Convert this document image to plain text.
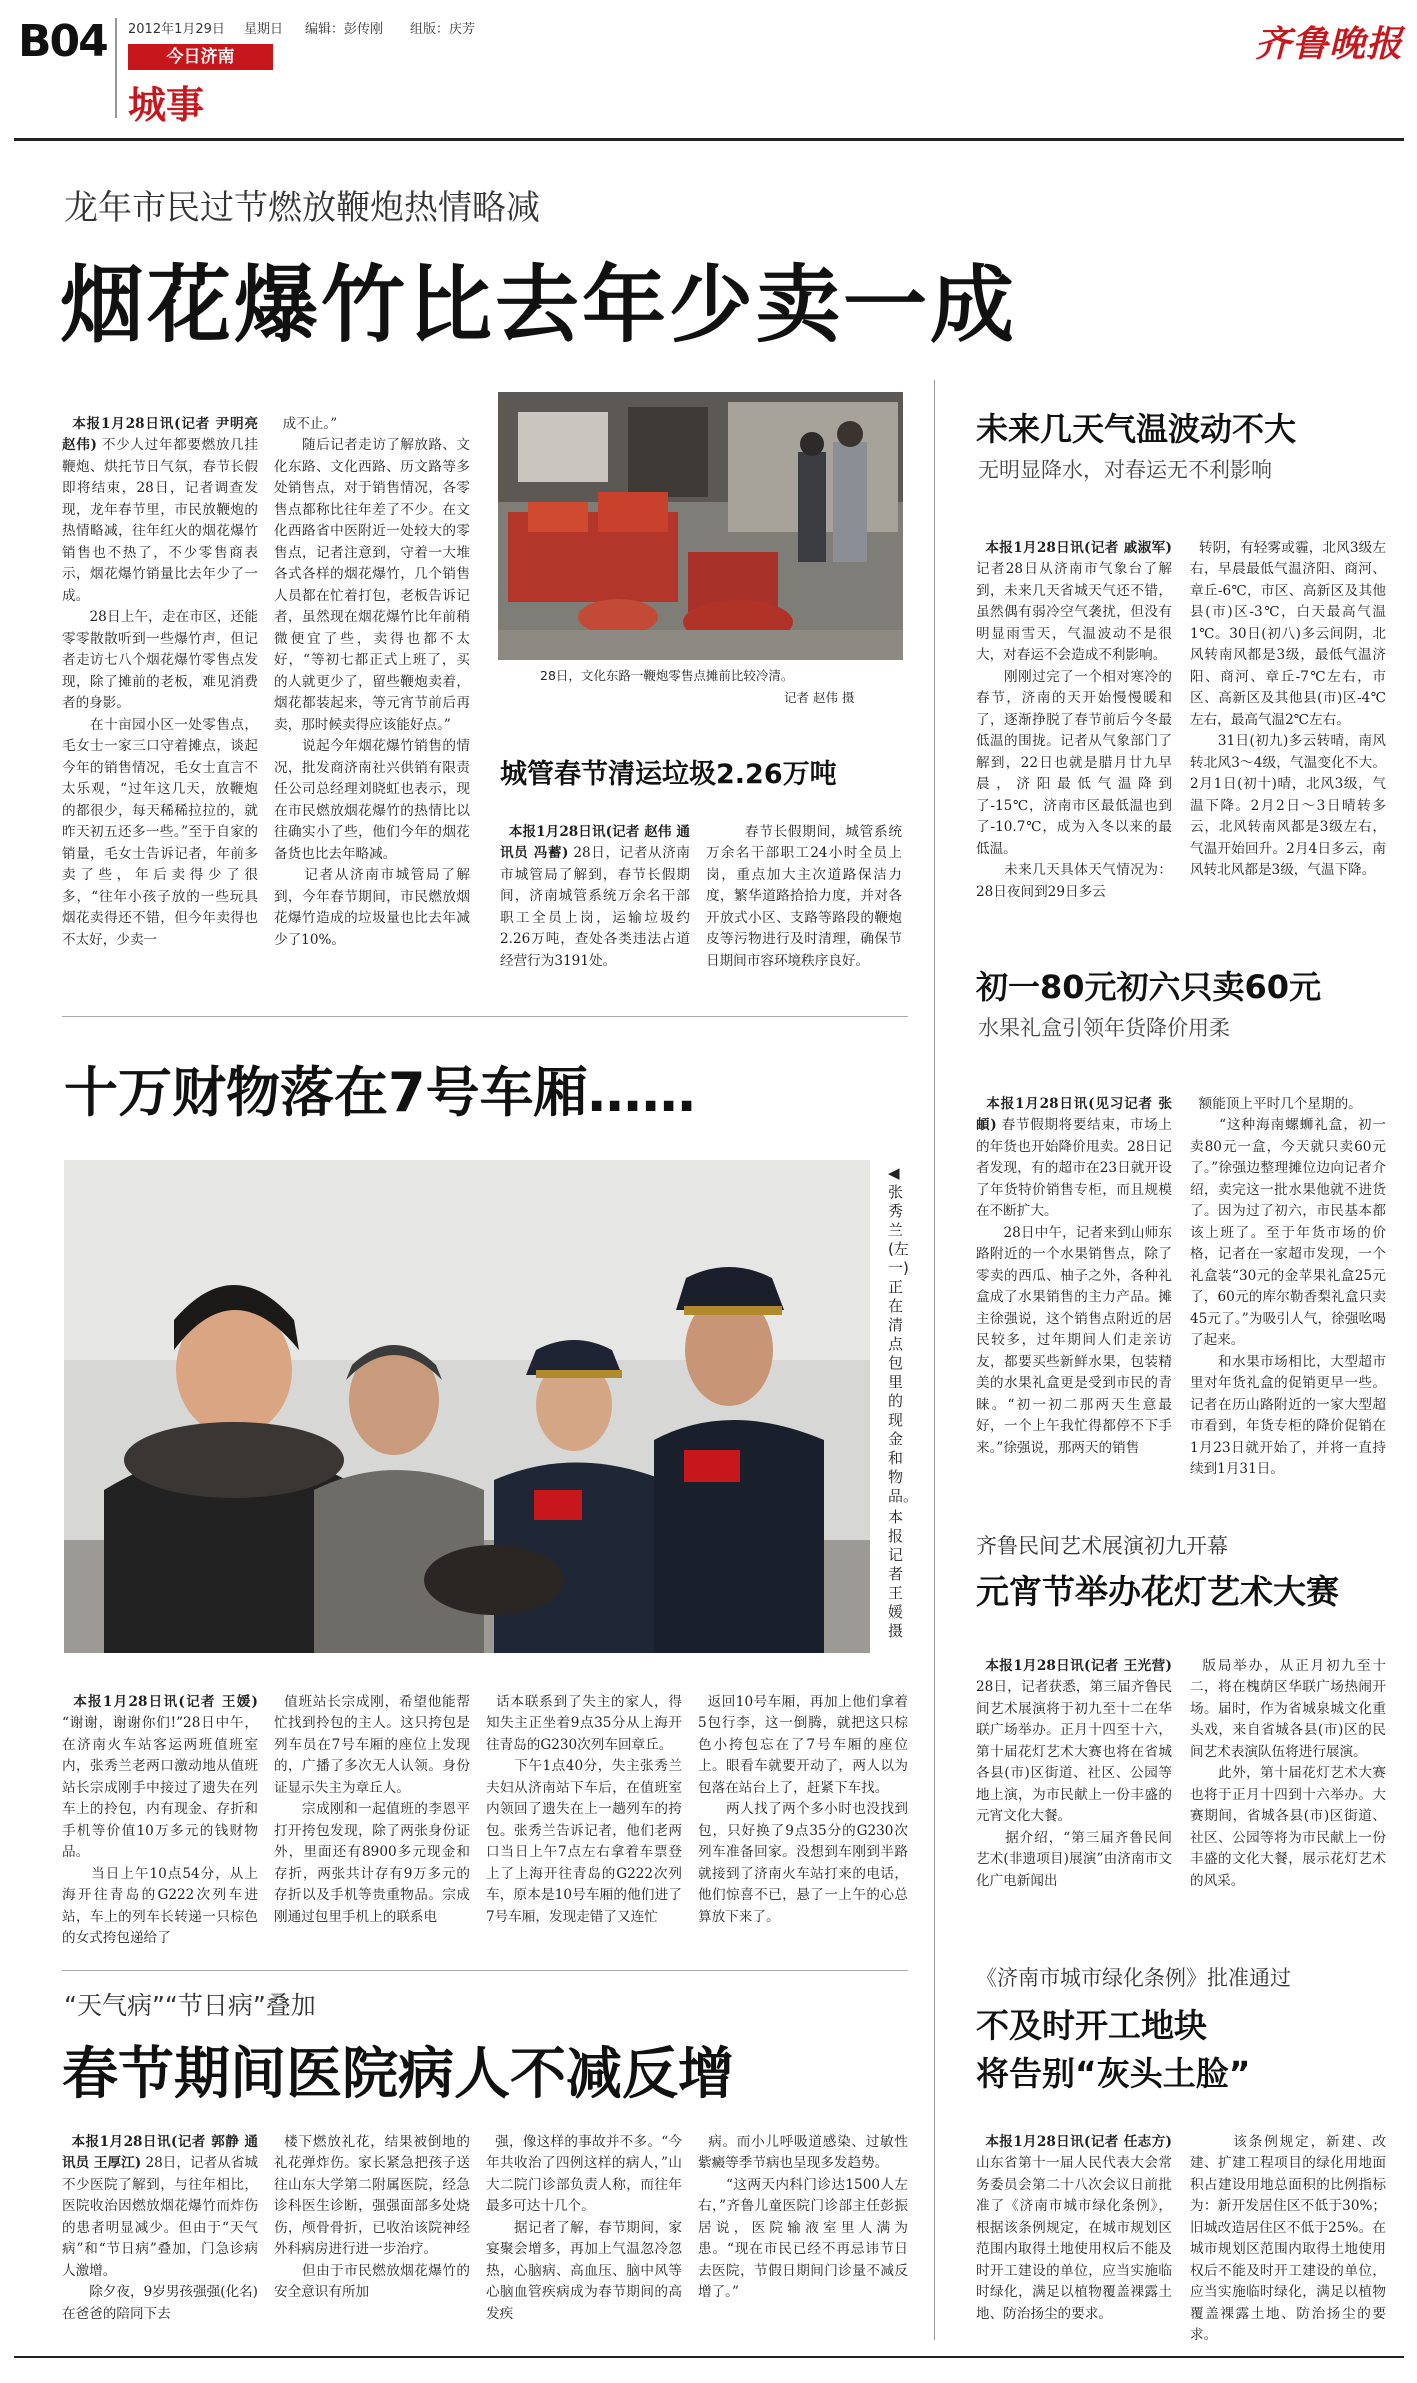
B04 2012年1月29日 星期日 编辑：彭传刚 组版：庆芳
今日济南
城事
齐鲁晚报
龙年市民过节燃放鞭炮热情略减
烟花爆竹比去年少卖一成

本报1月28日讯(记者 尹明亮 赵伟) 不少人过年都要燃放几挂鞭炮、烘托节日气氛，春节长假即将结束，28日，记者调查发现，龙年春节里，市民放鞭炮的热情略减，往年红火的烟花爆竹销售也不热了，不少零售商表示，烟花爆竹销量比去年少了一成。
　　28日上午，走在市区，还能零零散散听到一些爆竹声，但记者走访七八个烟花爆竹零售点发现，除了摊前的老板，难见消费者的身影。
　　在十亩园小区一处零售点，毛女士一家三口守着摊点，谈起今年的销售情况，毛女士直言不太乐观，“过年这几天，放鞭炮的都很少，每天稀稀拉拉的，就昨天初五还多一些。”至于自家的销量，毛女士告诉记者，年前多卖了些，年后卖得少了很多，“往年小孩子放的一些玩具烟花卖得还不错，但今年卖得也不太好，少卖一

成不止。”
　　随后记者走访了解放路、文化东路、文化西路、历文路等多处销售点，对于销售情况，各零售点都称比往年差了不少。在文化西路省中医附近一处较大的零售点，记者注意到，守着一大堆各式各样的烟花爆竹，几个销售人员都在忙着打包，老板告诉记者，虽然现在烟花爆竹比年前稍微便宜了些，卖得也都不太好，“等初七都正式上班了，买的人就更少了，留些鞭炮卖着，烟花都装起来，等元宵节前后再卖，那时候卖得应该能好点。”
　　说起今年烟花爆竹销售的情况，批发商济南社兴供销有限责任公司总经理刘晓虹也表示，现在市民燃放烟花爆竹的热情比以往确实小了些，他们今年的烟花备货也比去年略减。
　　记者从济南市城管局了解到，今年春节期间，市民燃放烟花爆竹造成的垃圾量也比去年减少了10%。

28日，文化东路一鞭炮零售点摊前比较冷清。
记者 赵伟 摄
城管春节清运垃圾2.26万吨

本报1月28日讯(记者 赵伟 通讯员 冯蓄) 28日，记者从济南市城管局了解到，春节长假期间，济南城管系统万余名干部职工全员上岗，运输垃圾约2.26万吨，查处各类违法占道经营行为3191处。

　　春节长假期间，城管系统万余名干部职工24小时全员上岗，重点加大主次道路保洁力度，繁华道路拾拾力度，并对各开放式小区、支路等路段的鞭炮皮等污物进行及时清理，确保节日期间市容环境秩序良好。

未来几天气温波动不大
无明显降水，对春运无不利影响

本报1月28日讯(记者 戚淑军) 记者28日从济南市气象台了解到，未来几天省城天气还不错，虽然偶有弱冷空气袭扰，但没有明显雨雪天，气温波动不是很大，对春运不会造成不利影响。
　　刚刚过完了一个相对寒冷的春节，济南的天开始慢慢暖和了，逐渐挣脱了春节前后今冬最低温的围拢。记者从气象部门了解到，22日也就是腊月廿九早晨，济阳最低气温降到了-15℃，济南市区最低温也到了-10.7℃，成为入冬以来的最低温。
　　未来几天具体天气情况为：28日夜间到29日多云

转阴，有轻雾或霾，北风3级左右，早晨最低气温济阳、商河、章丘-6℃，市区、高新区及其他县(市)区-3℃，白天最高气温1℃。30日(初八)多云间阴，北风转南风都是3级，最低气温济阳、商河、章丘-7℃左右，市区、高新区及其他县(市)区-4℃左右，最高气温2℃左右。
　　31日(初九)多云转晴，南风转北风3～4级，气温变化不大。2月1日(初十)晴，北风3级，气温下降。2月2日～3日晴转多云，北风转南风都是3级左右，气温开始回升。2月4日多云，南风转北风都是3级，气温下降。

初一80元初六只卖60元
水果礼盒引领年货降价用柔

本报1月28日讯(见习记者 张頔) 春节假期将要结束，市场上的年货也开始降价甩卖。28日记者发现，有的超市在23日就开设了年货特价销售专柜，而且规模在不断扩大。
　　28日中午，记者来到山师东路附近的一个水果销售点，除了零卖的西瓜、柚子之外，各种礼盒成了水果销售的主力产品。摊主徐强说，这个销售点附近的居民较多，过年期间人们走亲访友，都要买些新鲜水果，包装精美的水果礼盒更是受到市民的青睐。“初一初二那两天生意最好，一个上午我忙得都停不下手来。”徐强说，那两天的销售

额能顶上平时几个星期的。
　　“这种海南螺蛳礼盒，初一卖80元一盒，今天就只卖60元了。”徐强边整理摊位边向记者介绍，卖完这一批水果他就不进货了。因为过了初六，市民基本都该上班了。至于年货市场的价格，记者在一家超市发现，一个礼盒装“30元的金苹果礼盒25元了，60元的库尔勒香梨礼盒只卖45元了。”为吸引人气，徐强吆喝了起来。
　　和水果市场相比，大型超市里对年货礼盒的促销更早一些。记者在历山路附近的一家大型超市看到，年货专柜的降价促销在1月23日就开始了，并将一直持续到1月31日。

齐鲁民间艺术展演初九开幕
元宵节举办花灯艺术大赛

本报1月28日讯(记者 王光营) 28日，记者获悉，第三届齐鲁民间艺术展演将于初九至十二在华联广场举办。正月十四至十六，第十届花灯艺术大赛也将在省城各县(市)区街道、社区、公园等地上演，为市民献上一份丰盛的元宵文化大餐。
　　据介绍，“第三届齐鲁民间艺术(非遗项目)展演”由济南市文化广电新闻出

版局举办，从正月初九至十二，将在槐荫区华联广场热闹开场。届时，作为省城泉城文化重头戏，来自省城各县(市)区的民间艺术表演队伍将进行展演。
　　此外，第十届花灯艺术大赛也将于正月十四到十六举办。大赛期间，省城各县(市)区街道、社区、公园等将为市民献上一份丰盛的文化大餐，展示花灯艺术的风采。

《济南市城市绿化条例》批准通过
不及时开工地块
将告别“灰头土脸”

本报1月28日讯(记者 任志方) 山东省第十一届人民代表大会常务委员会第二十八次会议日前批准了《济南市城市绿化条例》，根据该条例规定，在城市规划区范围内取得土地使用权后不能及时开工建设的单位，应当实施临时绿化，满足以植物覆盖裸露土地、防治扬尘的要求。

　　该条例规定，新建、改建、扩建工程项目的绿化用地面积占建设用地总面积的比例指标为：新开发居住区不低于30%；旧城改造居住区不低于25%。在城市规划区范围内取得土地使用权后不能及时开工建设的单位，应当实施临时绿化，满足以植物覆盖裸露土地、防治扬尘的要求。

十万财物落在7号车厢……
◀张秀兰(左一)正在清点包里的现金和物品。
本报记者 王媛 摄

本报1月28日讯(记者 王媛) “谢谢，谢谢你们!”28日中午，在济南火车站客运两班值班室内，张秀兰老两口激动地从值班站长宗成刚手中接过了遗失在列车上的拎包，内有现金、存折和手机等价值10万多元的钱财物品。
　　当日上午10点54分，从上海开往青岛的G222次列车进站，车上的列车长转递一只棕色的女式挎包递给了

值班站长宗成刚，希望他能帮忙找到拎包的主人。这只挎包是列车员在7号车厢的座位上发现的，广播了多次无人认领。身份证显示失主为章丘人。
　　宗成刚和一起值班的李恩平打开挎包发现，除了两张身份证外，里面还有8900多元现金和存折，两张共计存有9万多元的存折以及手机等贵重物品。宗成刚通过包里手机上的联系电

话本联系到了失主的家人，得知失主正坐着9点35分从上海开往青岛的G230次列车回章丘。
　　下午1点40分，失主张秀兰夫妇从济南站下车后，在值班室内领回了遗失在上一趟列车的挎包。张秀兰告诉记者，他们老两口当日上午7点左右拿着车票登上了上海开往青岛的G222次列车，原本是10号车厢的他们进了7号车厢，发现走错了又连忙

返回10号车厢，再加上他们拿着5包行李，这一倒腾，就把这只棕色小挎包忘在了7号车厢的座位上。眼看车就要开动了，两人以为包落在站台上了，赶紧下车找。
　　两人找了两个多小时也没找到包，只好换了9点35分的G230次列车准备回家。没想到车刚到半路就接到了济南火车站打来的电话，他们惊喜不已，悬了一上午的心总算放下来了。

“天气病”“节日病”叠加
春节期间医院病人不减反增

本报1月28日讯(记者 郭静 通讯员 王厚江) 28日，记者从省城不少医院了解到，与往年相比，医院收治因燃放烟花爆竹而炸伤的患者明显减少。但由于“天气病”和“节日病”叠加，门急诊病人激增。
　　除夕夜，9岁男孩强强(化名)在爸爸的陪同下去

楼下燃放礼花，结果被倒地的礼花弹炸伤。家长紧急把孩子送往山东大学第二附属医院，经急诊科医生诊断，强强面部多处烧伤，颅骨骨折，已收治该院神经外科病房进行进一步治疗。
　　但由于市民燃放烟花爆竹的安全意识有所加

强，像这样的事故并不多。“今年共收治了四例这样的病人，”山大二院门诊部负责人称，而往年最多可达十几个。
　　据记者了解，春节期间，家宴聚会增多，再加上气温忽冷忽热，心脑病、高血压、脑中风等心脑血管疾病成为春节期间的高发疾

病。而小儿呼吸道感染、过敏性紫癜等季节病也呈现多发趋势。
　　“这两天内科门诊达1500人左右，”齐鲁儿童医院门诊部主任彭振居说，医院输液室里人满为患。“现在市民已经不再忌讳节日去医院，节假日期间门诊量不减反增了。”
